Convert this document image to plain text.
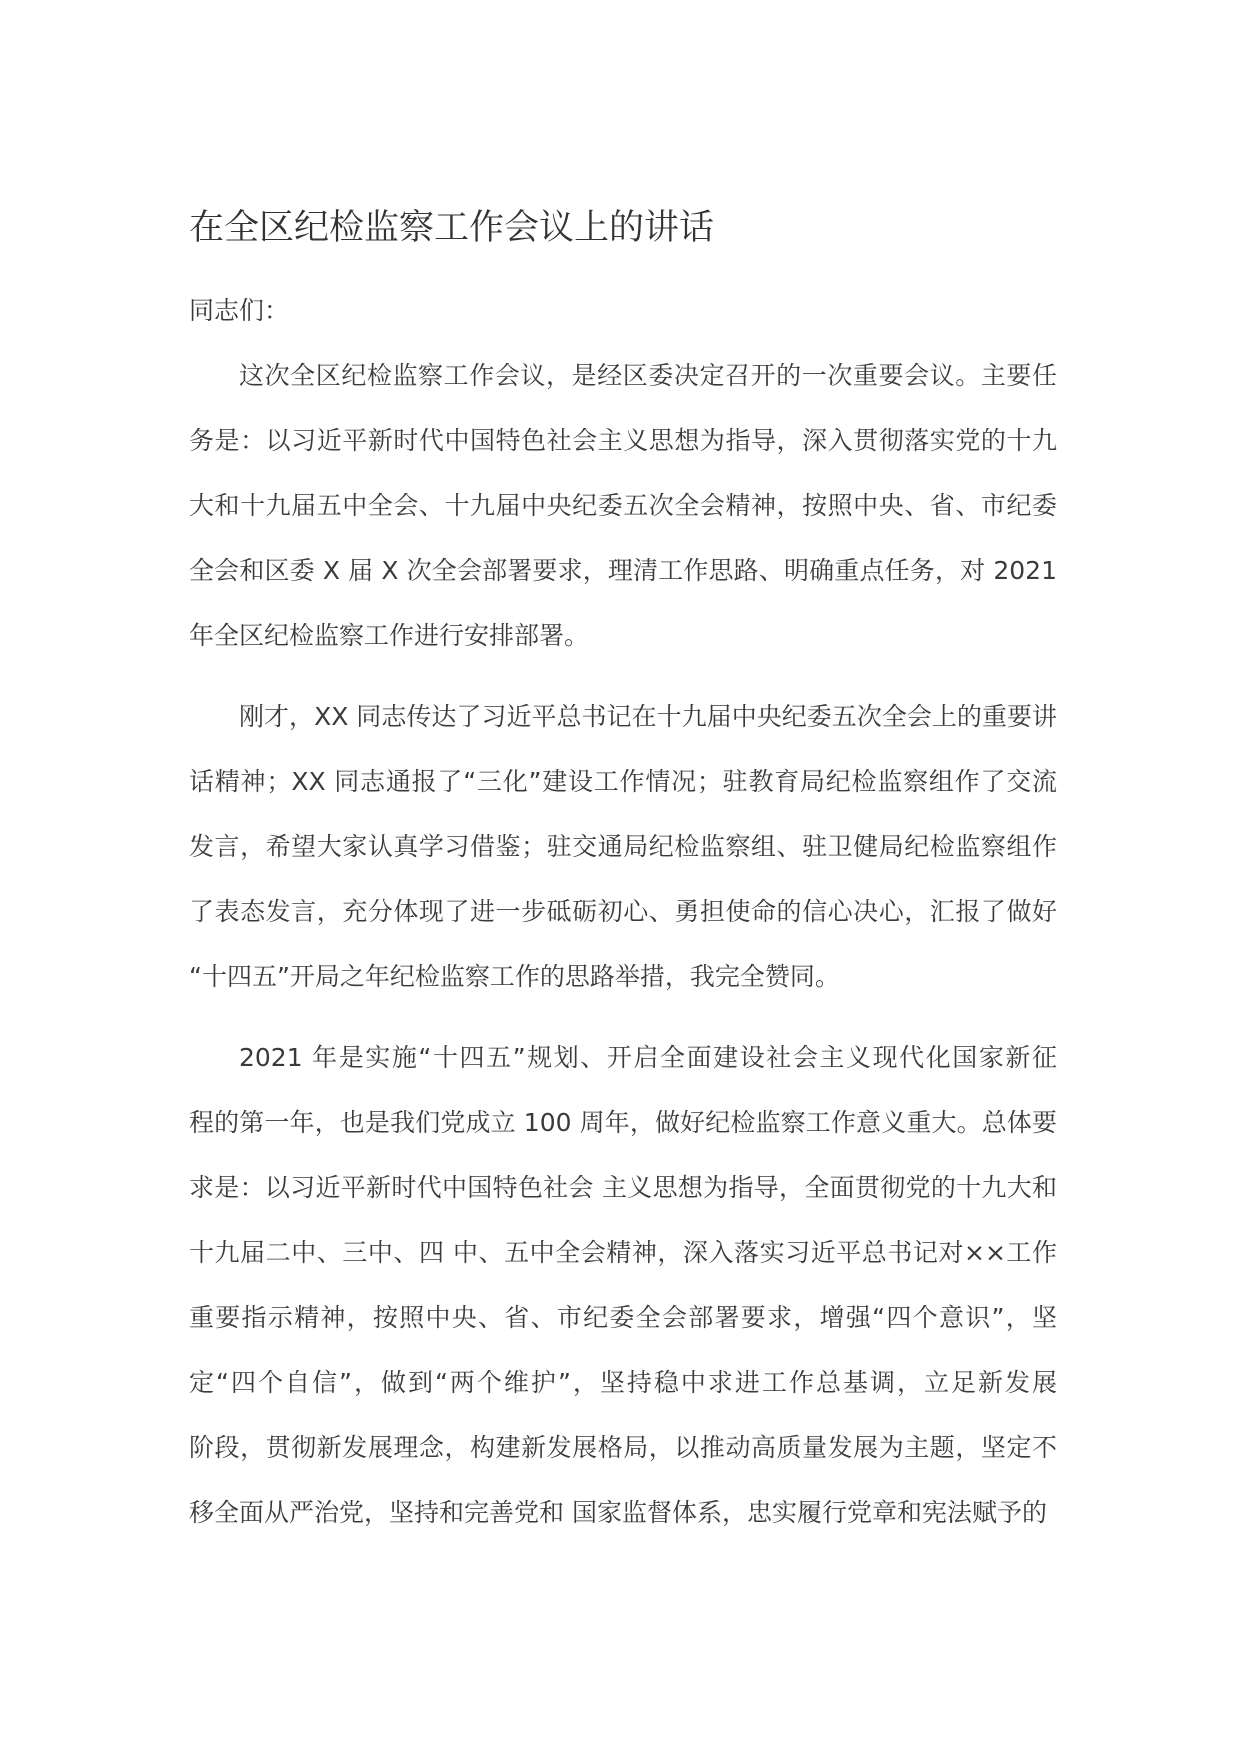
在全区纪检监察工作会议上的讲话
同志们：
这次全区纪检监察工作会议，是经区委决定召开的一次重要会议。主要任
务是：以习近平新时代中国特色社会主义思想为指导，深入贯彻落实党的十九
大和十九届五中全会、十九届中央纪委五次全会精神，按照中央、省、市纪委
全会和区委 X 届 X 次全会部署要求，理清工作思路、明确重点任务，对 2021
年全区纪检监察工作进行安排部署。
刚才，XX 同志传达了习近平总书记在十九届中央纪委五次全会上的重要讲
话精神；XX 同志通报了“三化”建设工作情况；驻教育局纪检监察组作了交流
发言，希望大家认真学习借鉴；驻交通局纪检监察组、驻卫健局纪检监察组作
了表态发言，充分体现了进一步砥砺初心、勇担使命的信心决心，汇报了做好
“十四五”开局之年纪检监察工作的思路举措，我完全赞同。
2021 年是实施“十四五”规划、开启全面建设社会主义现代化国家新征
程的第一年，也是我们党成立 100 周年，做好纪检监察工作意义重大。总体要
求是：以习近平新时代中国特色社会 主义思想为指导，全面贯彻党的十九大和
十九届二中、三中、四 中、五中全会精神，深入落实习近平总书记对××工作
重要指示精神，按照中央、省、市纪委全会部署要求，增强“四个意识”，坚
定“四个自信”，做到“两个维护”，坚持稳中求进工作总基调，立足新发展
阶段，贯彻新发展理念，构建新发展格局，以推动高质量发展为主题，坚定不
移全面从严治党，坚持和完善党和 国家监督体系，忠实履行党章和宪法赋予的
